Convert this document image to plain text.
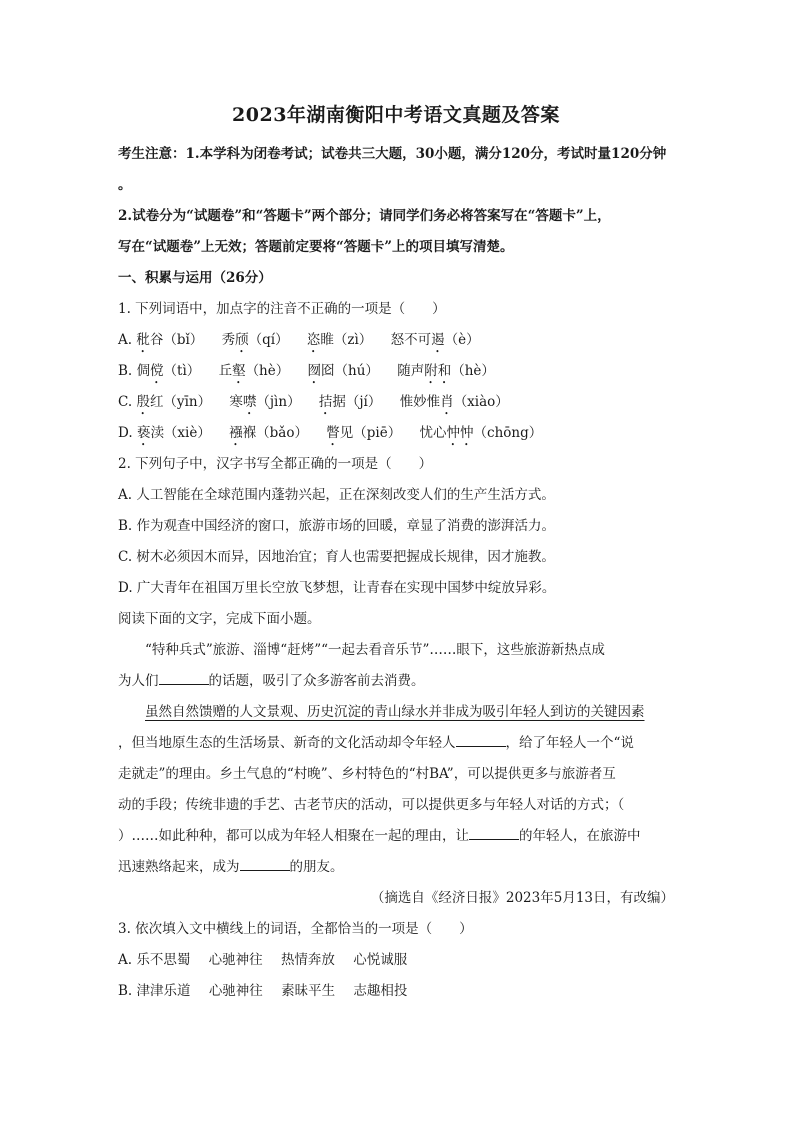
2023年湖南衡阳中考语文真题及答案
考生注意：1.本学科为闭卷考试；试卷共三大题，30小题，满分120分，考试时量120分钟
。
2.试卷分为“试题卷”和“答题卡”两个部分；请同学们务必将答案写在“答题卡”上，
写在“试题卷”上无效；答题前定要将“答题卡”上的项目填写清楚。
一、积累与运用（26分）
1. 下列词语中，加点字的注音不正确的一项是（　　）
A. 秕谷（bǐ） 秀颀（qí） 恣睢（zì） 怒不可遏（è）
B. 倜傥（tì） 丘壑（hè） 囫囵（hú） 随声附和（hè）
C. 殷红（yīn） 寒噤（jìn） 拮据（jí） 惟妙惟肖（xiào）
D. 亵渎（xiè） 襁褓（bǎo） 瞥见（piē） 忧心忡忡（chōng）
2. 下列句子中，汉字书写全都正确的一项是（　　）
A. 人工智能在全球范围内蓬勃兴起，正在深刻改变人们的生产生活方式。
B. 作为观查中国经济的窗口，旅游市场的回暖，章显了消费的澎湃活力。
C. 树木必须因木而异，因地治宜；育人也需要把握成长规律，因才施教。
D. 广大青年在祖国万里长空放飞梦想，让青春在实现中国梦中绽放异彩。
阅读下面的文字，完成下面小题。
“特种兵式”旅游、淄博“赶烤”“一起去看音乐节”……眼下，这些旅游新热点成
为人们	的话题，吸引了众多游客前去消费。
虽然自然馈赠的人文景观、历史沉淀的青山绿水并非成为吸引年轻人到访的关键因素
，但当地原生态的生活场景、新奇的文化活动却令年轻人	，给了年轻人一个“说
走就走”的理由。乡土气息的“村晚”、乡村特色的“村BA”，可以提供更多与旅游者互
动的手段；传统非遗的手艺、古老节庆的活动，可以提供更多与年轻人对话的方式；（
）……如此种种，都可以成为年轻人相聚在一起的理由，让	的年轻人，在旅游中
迅速熟络起来，成为	的朋友。
（摘选自《经济日报》2023年5月13日，有改编）
3. 依次填入文中横线上的词语，全都恰当的一项是（　　）
A. 乐不思蜀 心驰神往 热情奔放 心悦诚服
B. 津津乐道 心驰神往 素昧平生 志趣相投
